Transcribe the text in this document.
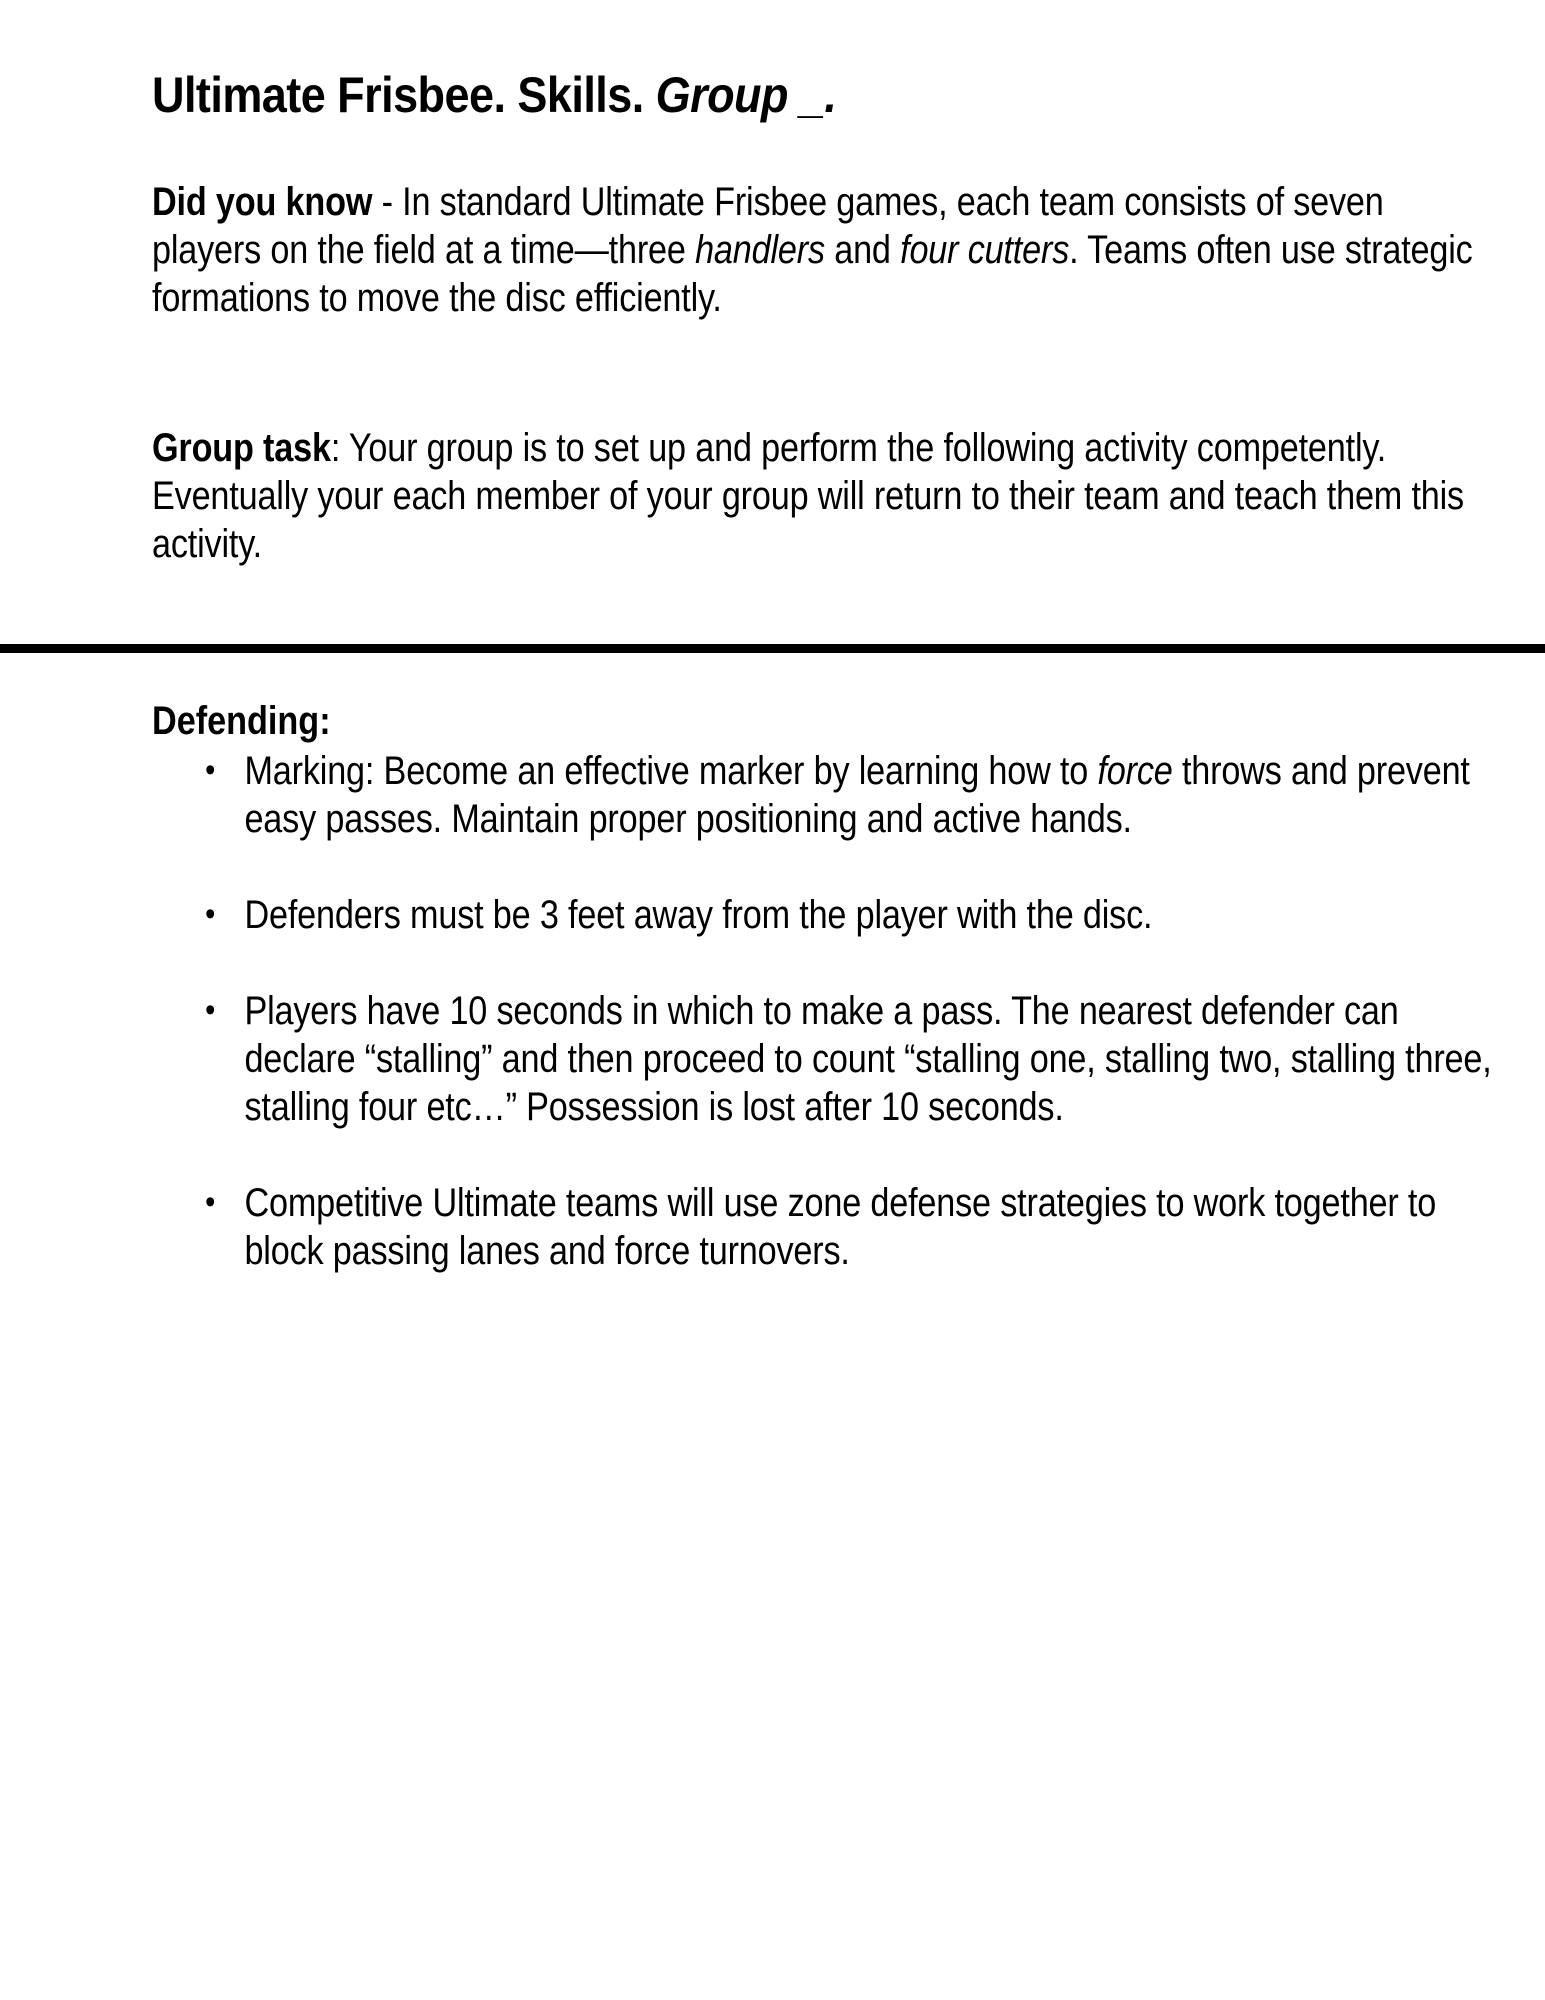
Ultimate Frisbee. Skills. Group _.

Did you know - In standard Ultimate Frisbee games, each team consists of seven players on the field at a time—three handlers and four cutters. Teams often use strategic formations to move the disc efficiently.

Group task: Your group is to set up and perform the following activity competently. Eventually your each member of your group will return to their team and teach them this activity.

Defending:
• Marking: Become an effective marker by learning how to force throws and prevent easy passes. Maintain proper positioning and active hands.
• Defenders must be 3 feet away from the player with the disc.
• Players have 10 seconds in which to make a pass. The nearest defender can declare “stalling” and then proceed to count “stalling one, stalling two, stalling three, stalling four etc…” Possession is lost after 10 seconds.
• Competitive Ultimate teams will use zone defense strategies to work together to block passing lanes and force turnovers.
